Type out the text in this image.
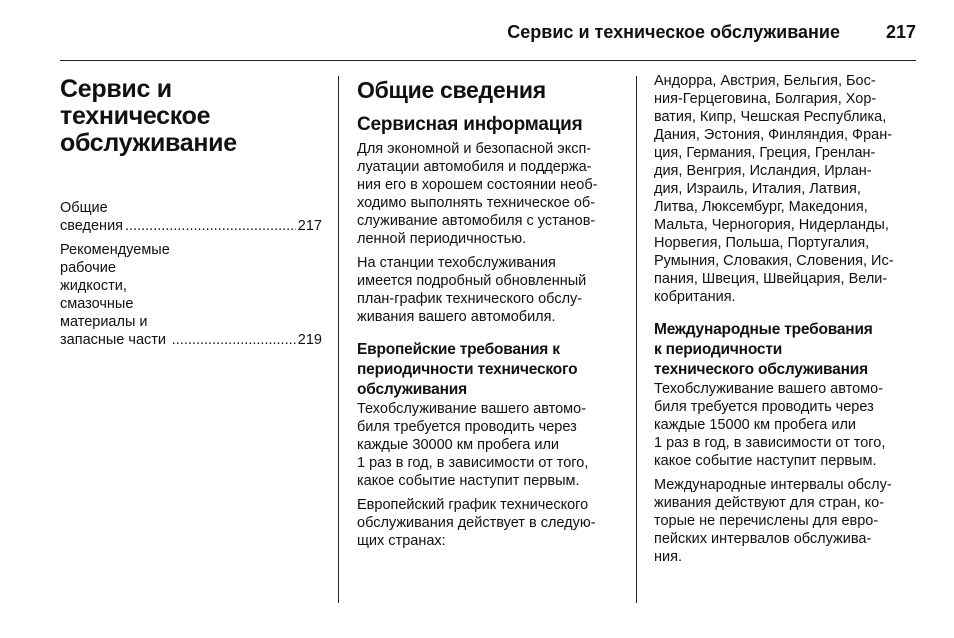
Сервис и техническое обслуживание	217
Сервис и
техническое
обслуживание
Общие сведения .....	217
Рекомендуемые рабочие
жидкости, смазочные
материалы и запасные части .....	219
Общие сведения
Сервисная информация

Для экономной и безопасной эксп-
луатации автомобиля и поддержа-
ния его в хорошем состоянии необ-
ходимо выполнять техническое об-
служивание автомобиля с установ-
ленной периодичностью.

На станции техобслуживания
имеется подробный обновленный
план-график технического обслу-
живания вашего автомобиля.

Европейские требования к
периодичности технического
обслуживания

Техобслуживание вашего автомо-
биля требуется проводить через
каждые 30000 км пробега или
1 раз в год, в зависимости от того,
какое событие наступит первым.

Европейский график технического
обслуживания действует в следую-
щих странах:

Андорра, Австрия, Бельгия, Бос-
ния-Герцеговина, Болгария, Хор-
ватия, Кипр, Чешская Республика,
Дания, Эстония, Финляндия, Фран-
ция, Германия, Греция, Гренлан-
дия, Венгрия, Исландия, Ирлан-
дия, Израиль, Италия, Латвия,
Литва, Люксембург, Македония,
Мальта, Черногория, Нидерланды,
Норвегия, Польша, Португалия,
Румыния, Словакия, Словения, Ис-
пания, Швеция, Швейцария, Вели-
кобритания.

Международные требования
к периодичности
технического обслуживания

Техобслуживание вашего автомо-
биля требуется проводить через
каждые 15000 км пробега или
1 раз в год, в зависимости от того,
какое событие наступит первым.

Международные интервалы обслу-
живания действуют для стран, ко-
торые не перечислены для евро-
пейских интервалов обслужива-
ния.
